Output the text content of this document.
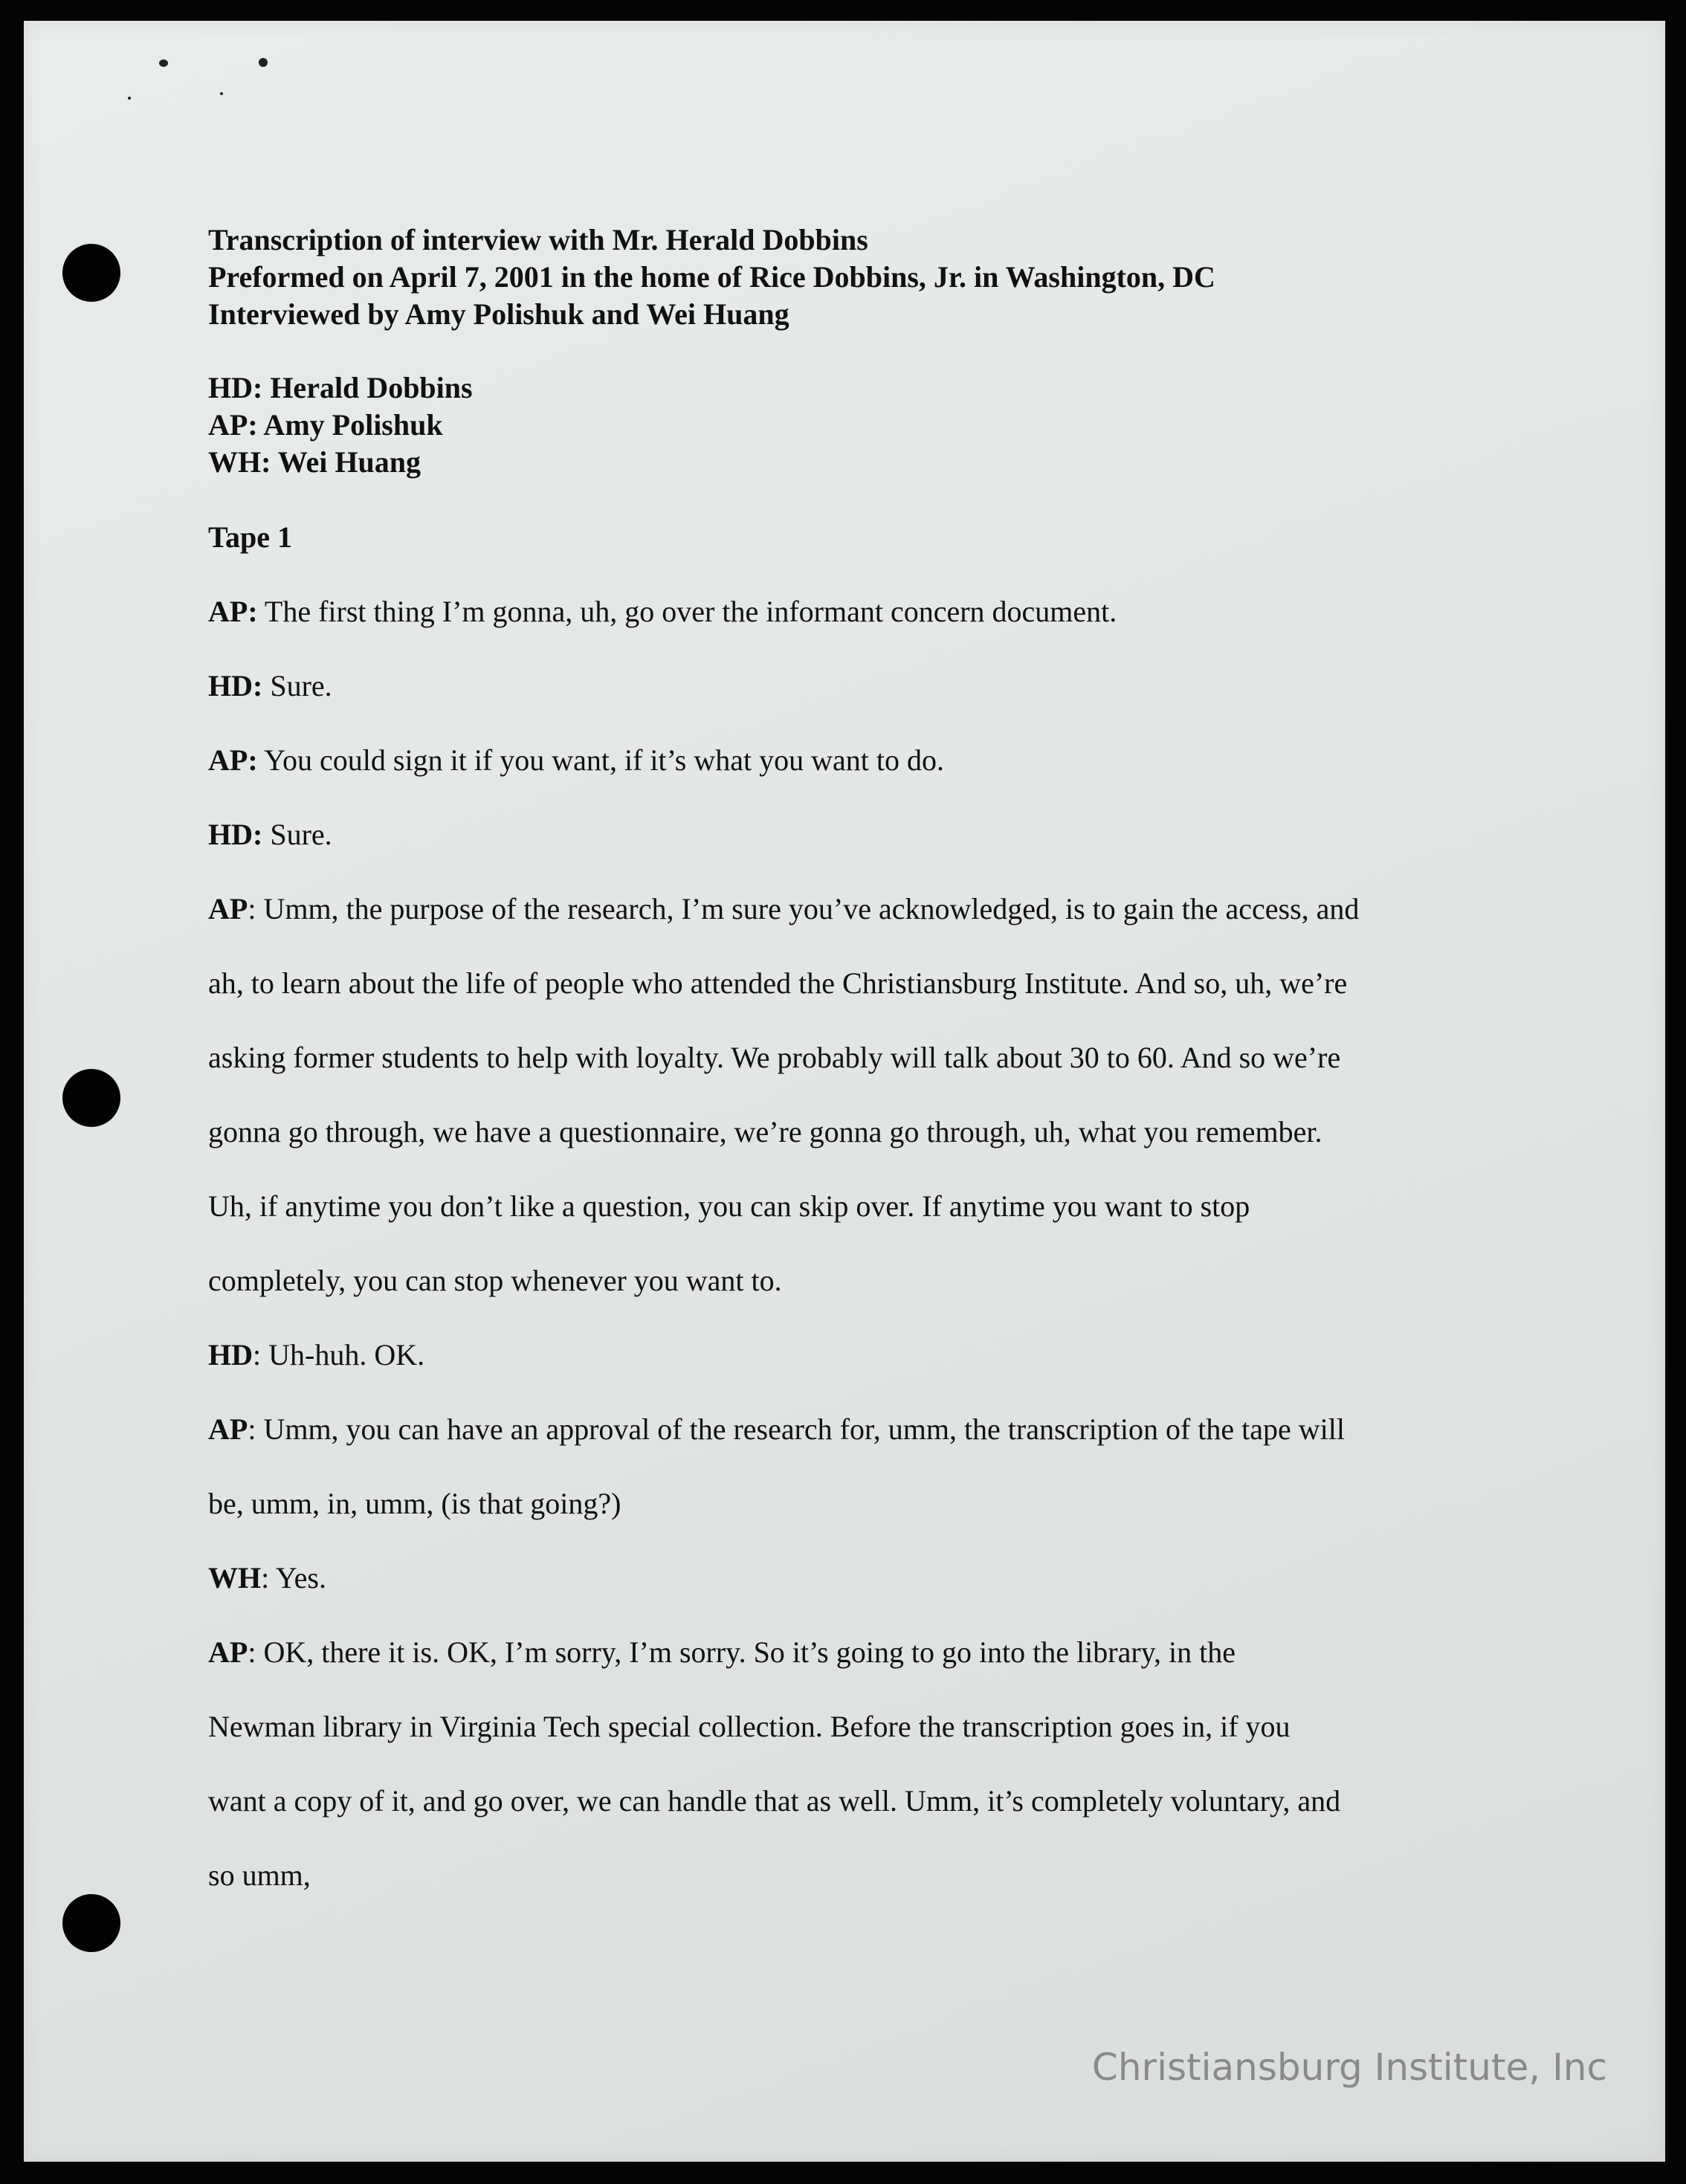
Transcription of interview with Mr. Herald Dobbins
Preformed on April 7, 2001 in the home of Rice Dobbins, Jr. in Washington, DC
Interviewed by Amy Polishuk and Wei Huang
HD: Herald Dobbins
AP: Amy Polishuk
WH: Wei Huang
Tape 1
AP: The first thing I’m gonna, uh, go over the informant concern document.
HD: Sure.
AP: You could sign it if you want, if it’s what you want to do.
HD: Sure.
AP: Umm, the purpose of the research, I’m sure you’ve acknowledged, is to gain the access, and
ah, to learn about the life of people who attended the Christiansburg Institute. And so, uh, we’re
asking former students to help with loyalty. We probably will talk about 30 to 60. And so we’re
gonna go through, we have a questionnaire, we’re gonna go through, uh, what you remember.
Uh, if anytime you don’t like a question, you can skip over. If anytime you want to stop
completely, you can stop whenever you want to.
HD: Uh-huh. OK.
AP: Umm, you can have an approval of the research for, umm, the transcription of the tape will
be, umm, in, umm, (is that going?)
WH: Yes.
AP: OK, there it is. OK, I’m sorry, I’m sorry. So it’s going to go into the library, in the
Newman library in Virginia Tech special collection. Before the transcription goes in, if you
want a copy of it, and go over, we can handle that as well. Umm, it’s completely voluntary, and
so umm,
Christiansburg Institute, Inc
